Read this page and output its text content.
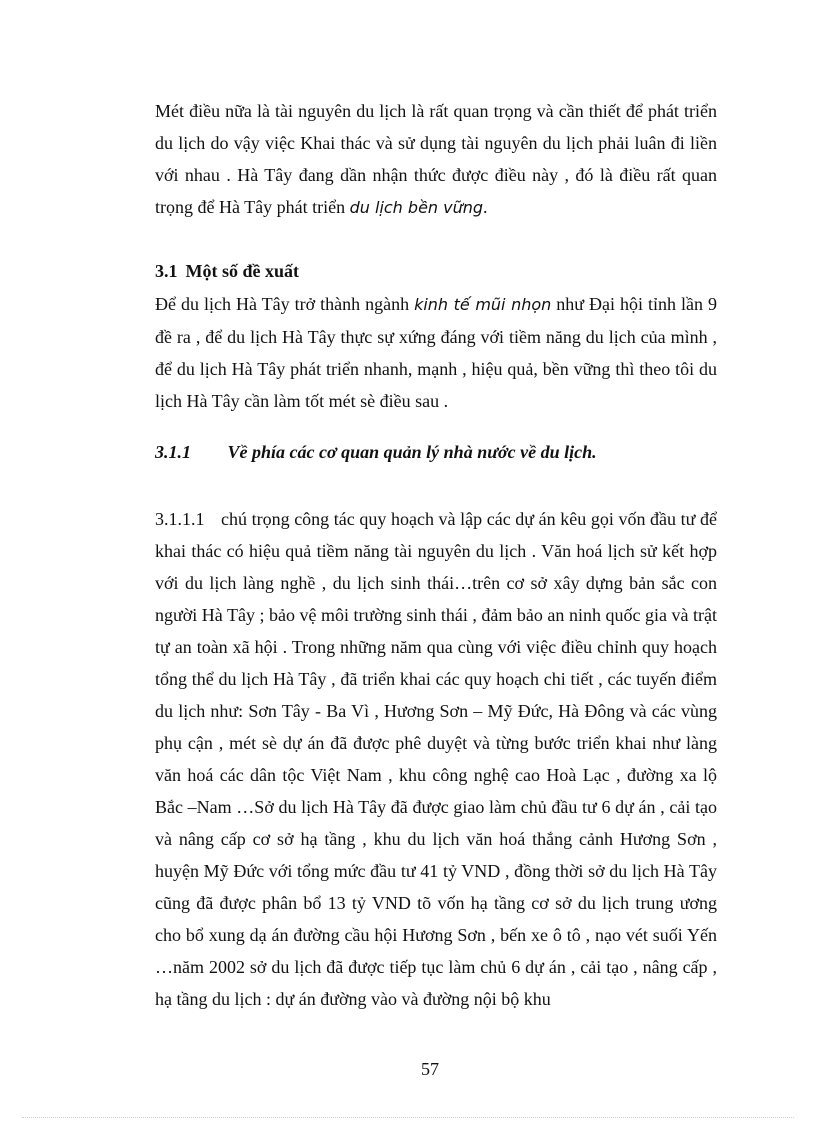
Mét điều nữa là tài nguyên du lịch là rất quan trọng và cần thiết để phát triển du lịch do vậy việc Khai thác và sử dụng tài nguyên du lịch phải luân đi liền với nhau . Hà Tây đang dần nhận thức được điều này , đó là điều rất quan trọng để Hà Tây phát triển du lịch bền vững.

3.1 Một số đề xuất

Để du lịch Hà Tây trở thành ngành kinh tế mũi nhọn như Đại hội tỉnh lần 9 đề ra , để du lịch Hà Tây thực sự xứng đáng với tiềm năng du lịch của mình , để du lịch Hà Tây phát triển nhanh, mạnh , hiệu quả, bền vững thì theo tôi du lịch Hà Tây cần làm tốt mét sè điều sau .

3.1.1 Về phía các cơ quan quản lý nhà nước về du lịch.

3.1.1.1 chú trọng công tác quy hoạch và lập các dự án kêu gọi vốn đầu tư để khai thác có hiệu quả tiềm năng tài nguyên du lịch . Văn hoá lịch sử kết hợp với du lịch làng nghề , du lịch sinh thái…trên cơ sở xây dựng bản sắc con người Hà Tây ; bảo vệ môi trường sinh thái , đảm bảo an ninh quốc gia và trật tự an toàn xã hội . Trong những năm qua cùng với việc điều chỉnh quy hoạch tổng thể du lịch Hà Tây , đã triển khai các quy hoạch chi tiết , các tuyến điểm du lịch như: Sơn Tây - Ba Vì , Hương Sơn – Mỹ Đức, Hà Đông và các vùng phụ cận , mét sè dự án đã được phê duyệt và từng bước triển khai như làng văn hoá các dân tộc Việt Nam , khu công nghệ cao Hoà Lạc , đường xa lộ Bắc –Nam …Sở du lịch Hà Tây đã được giao làm chủ đầu tư 6 dự án , cải tạo và nâng cấp cơ sở hạ tầng , khu du lịch văn hoá thắng cảnh Hương Sơn , huyện Mỹ Đức với tổng mức đầu tư 41 tỷ VND , đồng thời sở du lịch Hà Tây cũng đã được phân bổ 13 tỷ VND tõ vốn hạ tầng cơ sở du lịch trung ương cho bổ xung dạ án đường cầu hội Hương Sơn , bến xe ô tô , nạo vét suối Yến …năm 2002 sở du lịch đã được tiếp tục làm chủ 6 dự án , cải tạo , nâng cấp , hạ tầng du lịch : dự án đường vào và đường nội bộ khu

57
